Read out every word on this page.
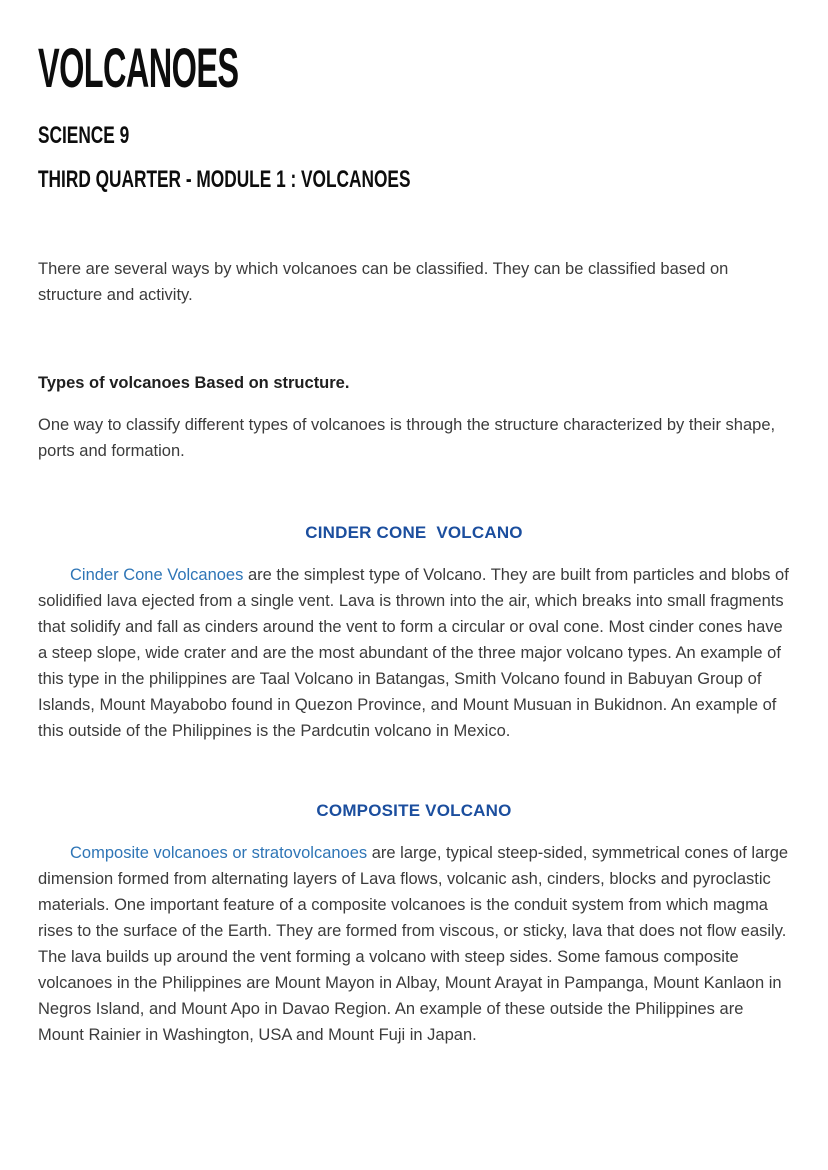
VOLCANOES
SCIENCE 9
THIRD QUARTER - MODULE 1 : VOLCANOES

There are several ways by which volcanoes can be classified. They can be classified based on structure and activity.

Types of volcanoes Based on structure.

One way to classify different types of volcanoes is through the structure characterized by their shape, ports and formation.

CINDER CONE  VOLCANO

Cinder Cone Volcanoes are the simplest type of Volcano. They are built from particles and blobs of solidified lava ejected from a single vent. Lava is thrown into the air, which breaks into small fragments that solidify and fall as cinders around the vent to form a circular or oval cone. Most cinder cones have a steep slope, wide crater and are the most abundant of the three major volcano types. An example of this type in the philippines are Taal Volcano in Batangas, Smith Volcano found in Babuyan Group of Islands, Mount Mayabobo found in Quezon Province, and Mount Musuan in Bukidnon. An example of this outside of the Philippines is the Pardcutin volcano in Mexico.

COMPOSITE VOLCANO

Composite volcanoes or stratovolcanoes are large, typical steep-sided, symmetrical cones of large dimension formed from alternating layers of Lava flows, volcanic ash, cinders, blocks and pyroclastic materials. One important feature of a composite volcanoes is the conduit system from which magma rises to the surface of the Earth. They are formed from viscous, or sticky, lava that does not flow easily. The lava builds up around the vent forming a volcano with steep sides. Some famous composite volcanoes in the Philippines are Mount Mayon in Albay, Mount Arayat in Pampanga, Mount Kanlaon in Negros Island, and Mount Apo in Davao Region. An example of these outside the Philippines are Mount Rainier in Washington, USA and Mount Fuji in Japan.
